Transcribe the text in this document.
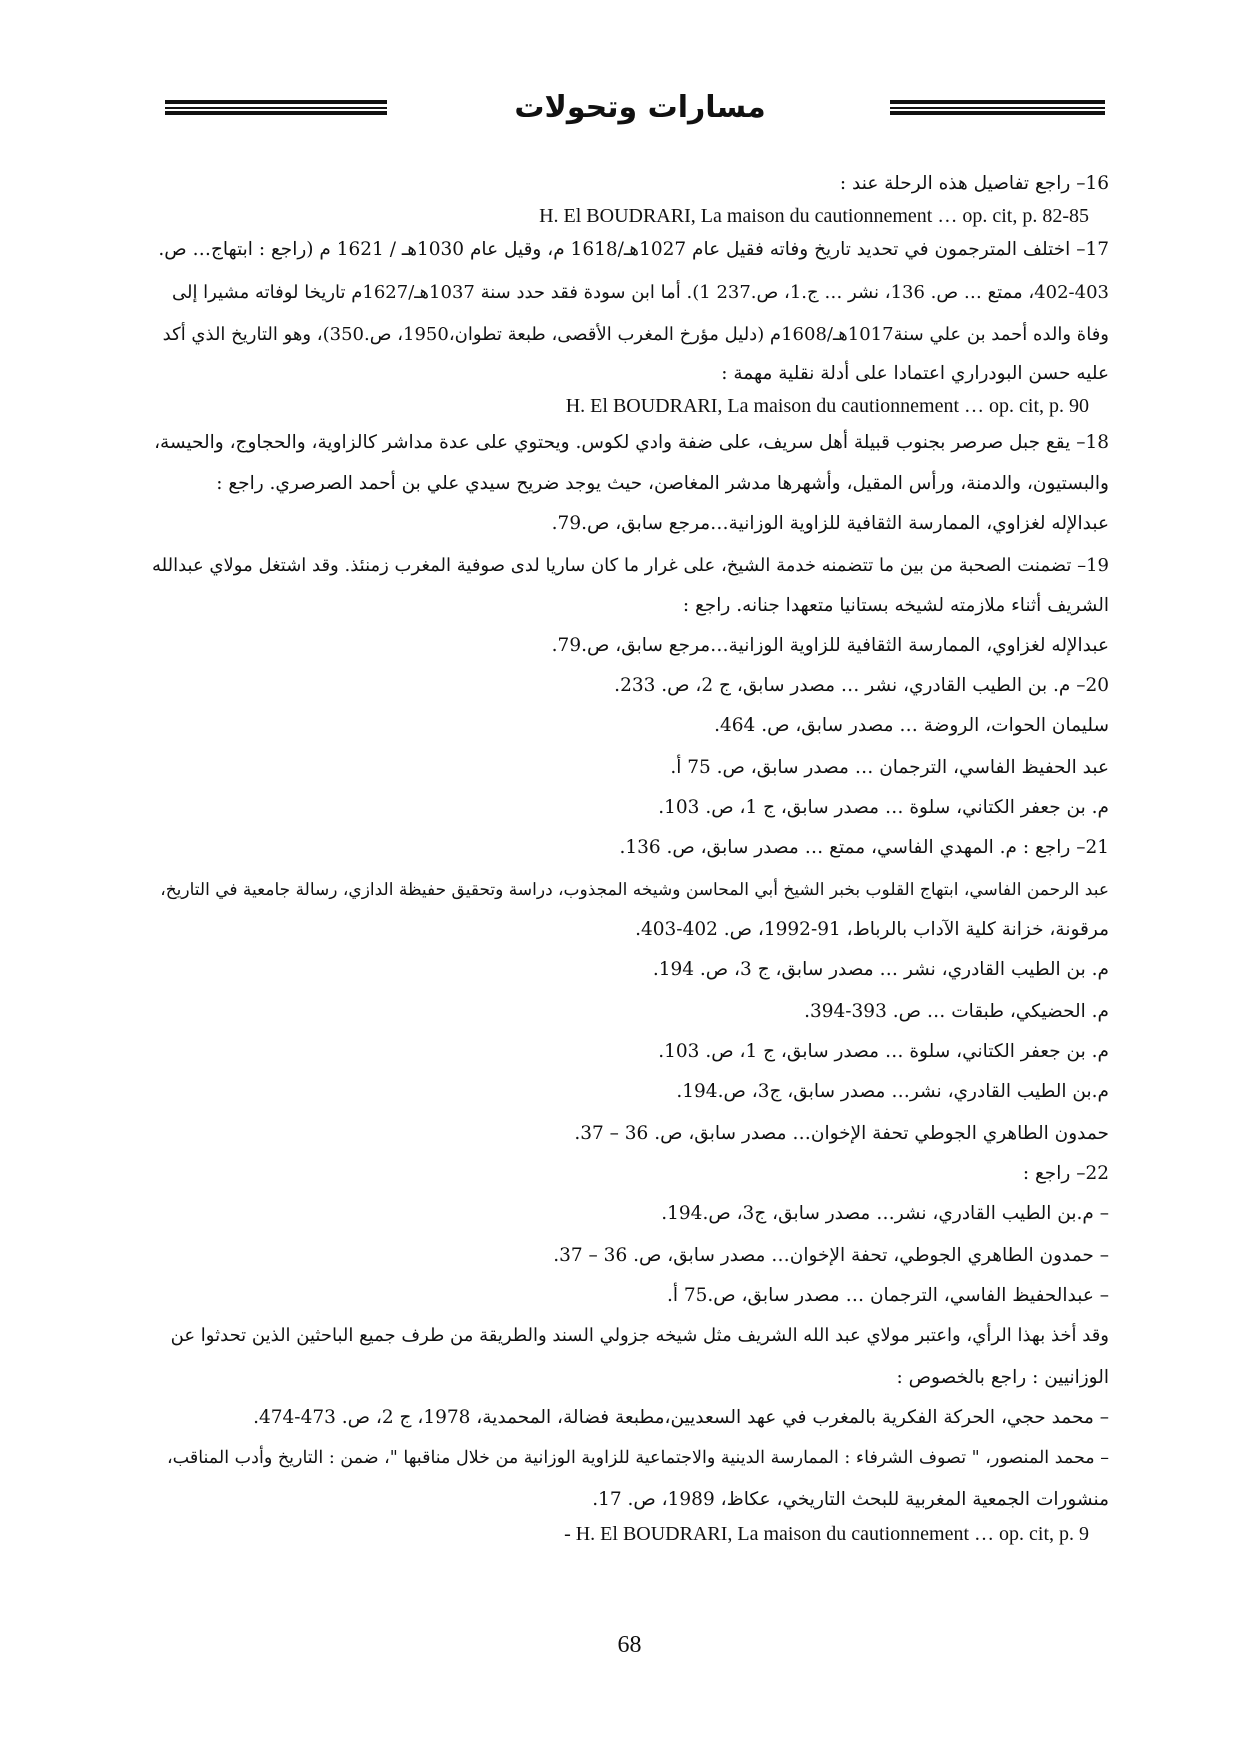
مسارات وتحولات
16– راجع تفاصيل هذه الرحلة عند :
H. El BOUDRARI, La maison du cautionnement … op. cit, p. 82-85
17– اختلف المترجمون في تحديد تاريخ وفاته فقيل عام 1027هـ/1618 م، وقيل عام 1030هـ / 1621 م (راجع : ابتهاج… ص.
402-403، ممتع … ص. 136، نشر … ج.1، ص.237 1). أما ابن سودة فقد حدد سنة 1037هـ/1627م تاريخا لوفاته مشيرا إلى
وفاة والده أحمد بن علي سنة1017هـ/1608م (دليل مؤرخ المغرب الأقصى، طبعة تطوان،1950، ص.350)، وهو التاريخ الذي أكد
عليه حسن البودراري اعتمادا على أدلة نقلية مهمة :
H. El BOUDRARI, La maison du cautionnement … op. cit, p. 90
18– يقع جبل صرصر بجنوب قبيلة أهل سريف، على ضفة وادي لكوس. ويحتوي على عدة مداشر كالزاوية، والحجاوج، والحيسة،
والبستيون، والدمنة، ورأس المقيل، وأشهرها مدشر المغاصن، حيث يوجد ضريح سيدي علي بن أحمد الصرصري. راجع :
عبدالإله لغزاوي، الممارسة الثقافية للزاوية الوزانية…مرجع سابق، ص.79.
19– تضمنت الصحبة من بين ما تتضمنه خدمة الشيخ، على غرار ما كان ساريا لدى صوفية المغرب زمنئذ. وقد اشتغل مولاي عبدالله
الشريف أثناء ملازمته لشيخه بستانيا متعهدا جنانه. راجع :
عبدالإله لغزاوي، الممارسة الثقافية للزاوية الوزانية…مرجع سابق، ص.79.
20– م. بن الطيب القادري، نشر … مصدر سابق، ج 2، ص. 233.
سليمان الحوات، الروضة … مصدر سابق، ص. 464.
عبد الحفيظ الفاسي، الترجمان … مصدر سابق، ص. 75 أ.
م. بن جعفر الكتاني، سلوة … مصدر سابق، ج 1، ص. 103.
21– راجع : م. المهدي الفاسي، ممتع … مصدر سابق، ص. 136.
عبد الرحمن الفاسي، ابتهاج القلوب بخبر الشيخ أبي المحاسن وشيخه المجذوب، دراسة وتحقيق حفيظة الدازي، رسالة جامعية في التاريخ،
مرقونة، خزانة كلية الآداب بالرباط، 91-1992، ص. 402-403.
م. بن الطيب القادري، نشر … مصدر سابق، ج 3، ص. 194.
م. الحضيكي، طبقات … ص. 393-394.
م. بن جعفر الكتاني، سلوة … مصدر سابق، ج 1، ص. 103.
م.بن الطيب القادري، نشر… مصدر سابق، ج3، ص.194.
حمدون الطاهري الجوطي تحفة الإخوان… مصدر سابق، ص. 36 – 37.
22– راجع :
– م.بن الطيب القادري، نشر… مصدر سابق، ج3، ص.194.
– حمدون الطاهري الجوطي، تحفة الإخوان… مصدر سابق، ص. 36 – 37.
– عبدالحفيظ الفاسي، الترجمان … مصدر سابق، ص.75 أ.
وقد أخذ بهذا الرأي، واعتبر مولاي عبد الله الشريف مثل شيخه جزولي السند والطريقة من طرف جميع الباحثين الذين تحدثوا عن
الوزانيين : راجع بالخصوص :
– محمد حجي، الحركة الفكرية بالمغرب في عهد السعديين،مطبعة فضالة، المحمدية، 1978، ج 2، ص. 473-474.
– محمد المنصور، " تصوف الشرفاء : الممارسة الدينية والاجتماعية للزاوية الوزانية من خلال مناقبها "، ضمن : التاريخ وأدب المناقب،
منشورات الجمعية المغربية للبحث التاريخي، عكاظ، 1989، ص. 17.
- H. El BOUDRARI, La maison du cautionnement … op. cit, p. 9
68
